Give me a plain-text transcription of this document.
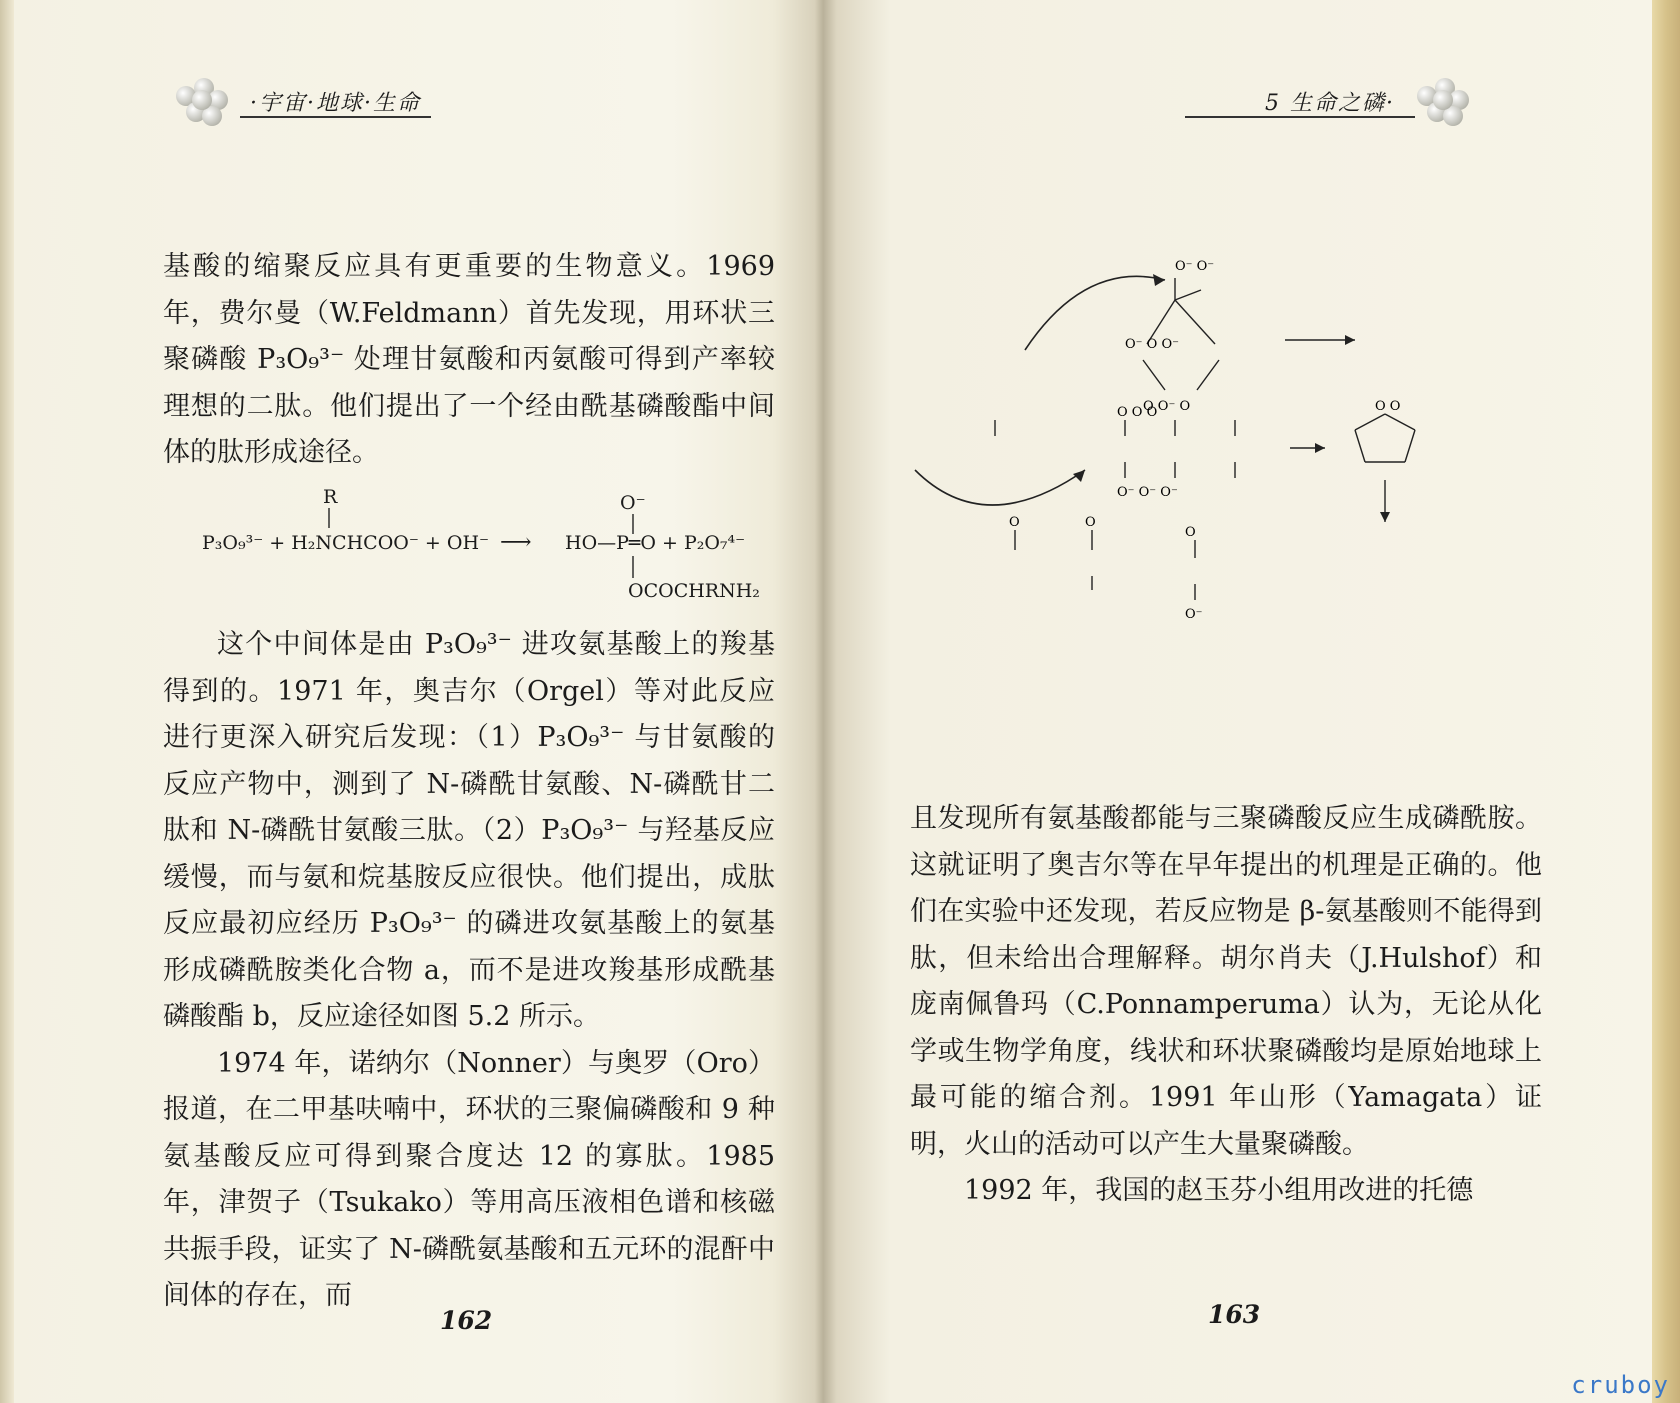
·宇宙·地球·生命

基酸的缩聚反应具有更重要的生物意义。1969 年，费尔曼（W.Feldmann）首先发现，用环状三聚磷酸 P₃O₉³⁻ 处理甘氨酸和丙氨酸可得到产率较理想的二肽。他们提出了一个经由酰基磷酸酯中间体的肽形成途径。

R
P₃O₉³⁻ + H₂NCHCOO⁻ + OH⁻ ⟶
O⁻
HO—P═O + P₂O₇⁴⁻
OCOCHRNH₂

这个中间体是由 P₃O₉³⁻ 进攻氨基酸上的羧基得到的。1971 年，奥吉尔（Orgel）等对此反应进行更深入研究后发现：（1）P₃O₉³⁻ 与甘氨酸的反应产物中，测到了 N-磷酰甘氨酸、N-磷酰甘二肽和 N-磷酰甘氨酸三肽。（2）P₃O₉³⁻ 与羟基反应缓慢，而与氨和烷基胺反应很快。他们提出，成肽反应最初应经历 P₃O₉³⁻ 的磷进攻氨基酸上的氨基形成磷酰胺类化合物 a，而不是进攻羧基形成酰基磷酸酯 b，反应途径如图 5.2 所示。

1974 年，诺纳尔（Nonner）与奥罗（Oro）报道，在二甲基呋喃中，环状的三聚偏磷酸和 9 种氨基酸反应可得到聚合度达 12 的寡肽。1985 年，津贺子（Tsukako）等用高压液相色谱和核磁共振手段，证实了 N-磷酰氨基酸和五元环的混酐中间体的存在，而

162
5 生命之磷·
O⁻ O O⁻
O O⁻ O
O⁻ O⁻
O O O
O⁻ O⁻ O⁻
O O
O
O⁻
O	O

且发现所有氨基酸都能与三聚磷酸反应生成磷酰胺。这就证明了奥吉尔等在早年提出的机理是正确的。他们在实验中还发现，若反应物是 β-氨基酸则不能得到肽，但未给出合理解释。胡尔肖夫（J.Hulshof）和庞南佩鲁玛（C.Ponnamperuma）认为，无论从化学或生物学角度，线状和环状聚磷酸均是原始地球上最可能的缩合剂。1991 年山形（Yamagata）证明，火山的活动可以产生大量聚磷酸。

1992 年，我国的赵玉芬小组用改进的托德

163
cruboy
